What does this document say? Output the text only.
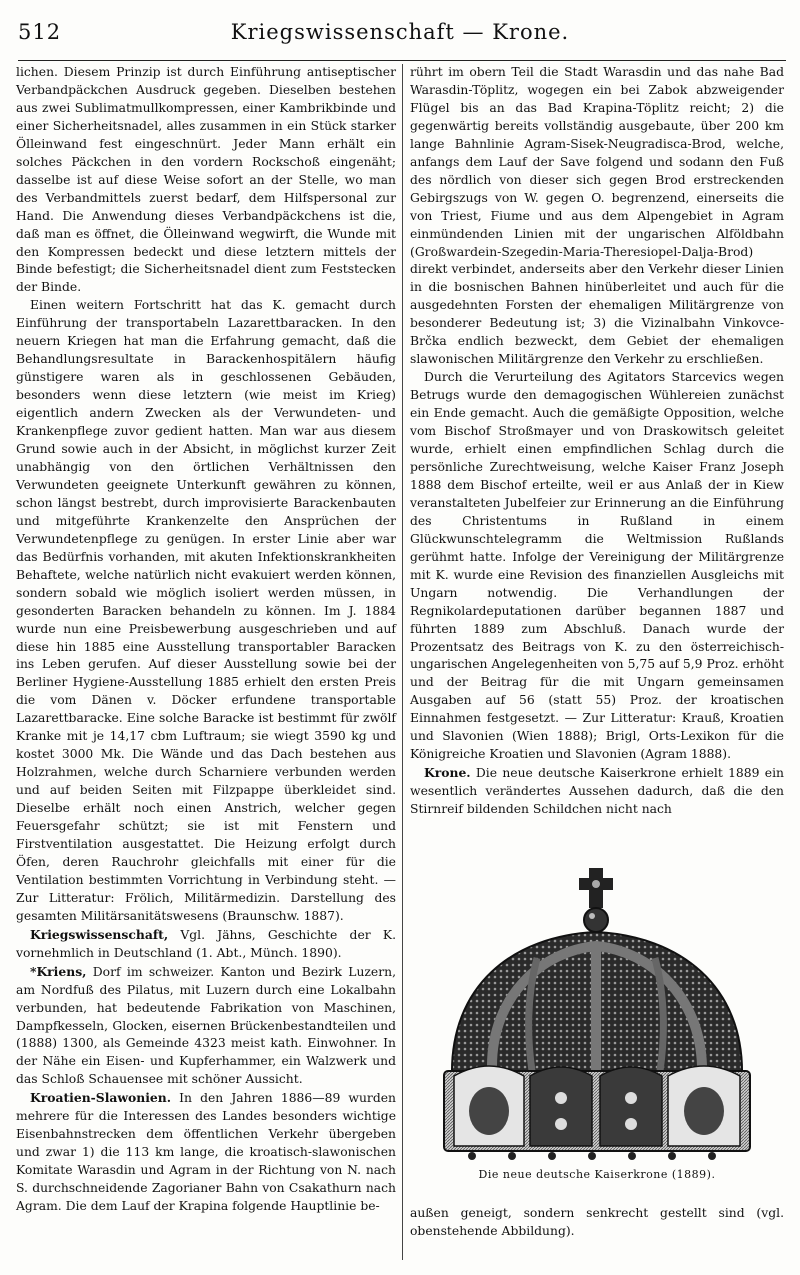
512	Kriegswissenschaft — Krone.

lichen. Diesem Prinzip ist durch Einführung antiseptischer Verbandpäckchen Ausdruck gegeben. Dieselben bestehen aus zwei Sublimatmullkompressen, einer Kambrikbinde und einer Sicherheitsnadel, alles zusammen in ein Stück starker Ölleinwand fest eingeschnürt. Jeder Mann erhält ein solches Päckchen in den vordern Rockschoß eingenäht; dasselbe ist auf diese Weise sofort an der Stelle, wo man des Verbandmittels zuerst bedarf, dem Hilfspersonal zur Hand. Die Anwendung dieses Verbandpäckchens ist die, daß man es öffnet, die Ölleinwand wegwirft, die Wunde mit den Kompressen bedeckt und diese letztern mittels der Binde befestigt; die Sicherheitsnadel dient zum Feststecken der Binde.

Einen weitern Fortschritt hat das K. gemacht durch Einführung der transportabeln Lazarettbaracken. In den neuern Kriegen hat man die Erfahrung gemacht, daß die Behandlungsresultate in Barackenhospitälern häufig günstigere waren als in geschlossenen Gebäuden, besonders wenn diese letztern (wie meist im Krieg) eigentlich andern Zwecken als der Verwundeten- und Krankenpflege zuvor gedient hatten. Man war aus diesem Grund sowie auch in der Absicht, in möglichst kurzer Zeit unabhängig von den örtlichen Verhältnissen den Verwundeten geeignete Unterkunft gewähren zu können, schon längst bestrebt, durch improvisierte Barackenbauten und mitgeführte Krankenzelte den Ansprüchen der Verwundetenpflege zu genügen. In erster Linie aber war das Bedürfnis vorhanden, mit akuten Infektionskrankheiten Behaftete, welche natürlich nicht evakuiert werden können, sondern sobald wie möglich isoliert werden müssen, in gesonderten Baracken behandeln zu können. Im J. 1884 wurde nun eine Preisbewerbung ausgeschrieben und auf diese hin 1885 eine Ausstellung transportabler Baracken ins Leben gerufen. Auf dieser Ausstellung sowie bei der Berliner Hygiene-Ausstellung 1885 erhielt den ersten Preis die vom Dänen v. Döcker erfundene transportable Lazarettbaracke. Eine solche Baracke ist bestimmt für zwölf Kranke mit je 14,17 cbm Luftraum; sie wiegt 3590 kg und kostet 3000 Mk. Die Wände und das Dach bestehen aus Holzrahmen, welche durch Scharniere verbunden werden und auf beiden Seiten mit Filzpappe überkleidet sind. Dieselbe erhält noch einen Anstrich, welcher gegen Feuersgefahr schützt; sie ist mit Fenstern und Firstventilation ausgestattet. Die Heizung erfolgt durch Öfen, deren Rauchrohr gleichfalls mit einer für die Ventilation bestimmten Vorrichtung in Verbindung steht. — Zur Litteratur: Frölich, Militärmedizin. Darstellung des gesamten Militärsanitätswesens (Braunschw. 1887).

Kriegswissenschaft, Vgl. Jähns, Geschichte der K. vornehmlich in Deutschland (1. Abt., Münch. 1890).

*Kriens, Dorf im schweizer. Kanton und Bezirk Luzern, am Nordfuß des Pilatus, mit Luzern durch eine Lokalbahn verbunden, hat bedeutende Fabrikation von Maschinen, Dampfkesseln, Glocken, eisernen Brückenbestandteilen und (1888) 1300, als Gemeinde 4323 meist kath. Einwohner. In der Nähe ein Eisen- und Kupferhammer, ein Walzwerk und das Schloß Schauensee mit schöner Aussicht.

Kroatien-Slawonien. In den Jahren 1886—89 wurden mehrere für die Interessen des Landes besonders wichtige Eisenbahnstrecken dem öffentlichen Verkehr übergeben und zwar 1) die 113 km lange, die kroatisch-slawonischen Komitate Warasdin und Agram in der Richtung von N. nach S. durchschneidende Zagorianer Bahn von Csakathurn nach Agram. Die dem Lauf der Krapina folgende Hauptlinie be-

rührt im obern Teil die Stadt Warasdin und das nahe Bad Warasdin-Töplitz, wogegen ein bei Zabok abzweigender Flügel bis an das Bad Krapina-Töplitz reicht; 2) die gegenwärtig bereits vollständig ausgebaute, über 200 km lange Bahnlinie Agram-Sisek-Neugradisca-Brod, welche, anfangs dem Lauf der Save folgend und sodann den Fuß des nördlich von dieser sich gegen Brod erstreckenden Gebirgszugs von W. gegen O. begrenzend, einerseits die von Triest, Fiume und aus dem Alpengebiet in Agram einmündenden Linien mit der ungarischen Alföldbahn (Großwardein-Szegedin-Maria-Theresiopel-Dalja-Brod) direkt verbindet, anderseits aber den Verkehr dieser Linien in die bosnischen Bahnen hinüberleitet und auch für die ausgedehnten Forsten der ehemaligen Militärgrenze von besonderer Bedeutung ist; 3) die Vizinalbahn Vinkovce-Brčka endlich bezweckt, dem Gebiet der ehemaligen slawonischen Militärgrenze den Verkehr zu erschließen.

Durch die Verurteilung des Agitators Starcevics wegen Betrugs wurde den demagogischen Wühlereien zunächst ein Ende gemacht. Auch die gemäßigte Opposition, welche vom Bischof Stroßmayer und von Draskowitsch geleitet wurde, erhielt einen empfindlichen Schlag durch die persönliche Zurechtweisung, welche Kaiser Franz Joseph 1888 dem Bischof erteilte, weil er aus Anlaß der in Kiew veranstalteten Jubelfeier zur Erinnerung an die Einführung des Christentums in Rußland in einem Glückwunschtelegramm die Weltmission Rußlands gerühmt hatte. Infolge der Vereinigung der Militärgrenze mit K. wurde eine Revision des finanziellen Ausgleichs mit Ungarn notwendig. Die Verhandlungen der Regnikolardeputationen darüber begannen 1887 und führten 1889 zum Abschluß. Danach wurde der Prozentsatz des Beitrags von K. zu den österreichisch-ungarischen Angelegenheiten von 5,75 auf 5,9 Proz. erhöht und der Beitrag für die mit Ungarn gemeinsamen Ausgaben auf 56 (statt 55) Proz. der kroatischen Einnahmen festgesetzt. — Zur Litteratur: Krauß, Kroatien und Slavonien (Wien 1888); Brigl, Orts-Lexikon für die Königreiche Kroatien und Slavonien (Agram 1888).

Krone. Die neue deutsche Kaiserkrone erhielt 1889 ein wesentlich verändertes Aussehen dadurch, daß die den Stirnreif bildenden Schildchen nicht nach

Die neue deutsche Kaiserkrone (1889).

außen geneigt, sondern senkrecht gestellt sind (vgl. obenstehende Abbildung).
